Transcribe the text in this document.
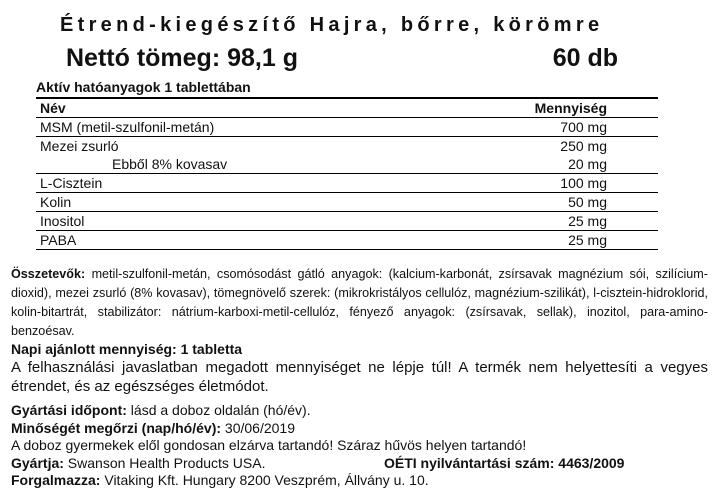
Étrend-kiegészítő Hajra, bőrre, körömre
Nettó tömeg: 98,1 g	60 db
Aktív hatóanyagok 1 tablettában
Név	Mennyiség
MSM (metil-szulfonil-metán)	700 mg
Mezei zsurló	250 mg
Ebből 8% kovasav	20 mg
L-Cisztein	100 mg
Kolin	50 mg
Inositol	25 mg
PABA	25 mg

Összetevők: metil-szulfonil-metán, csomósodást gátló anyagok: (kalcium-karbonát, zsírsavak magnézium sói, szilícium-dioxid), mezei zsurló (8% kovasav), tömegnövelő szerek: (mikrokristályos cellulóz, magnézium-szilikát), l-cisztein-hidroklorid, kolin-bitartrát, stabilizátor: nátrium-karboxi-metil-cellulóz, fényező anyagok: (zsírsavak, sellak), inozitol, para-amino-benzoésav.

Napi ajánlott mennyiség: 1 tabletta

A felhasználási javaslatban megadott mennyiséget ne lépje túl! A termék nem helyettesíti a vegyes étrendet, és az egészséges életmódot.

Gyártási időpont: lásd a doboz oldalán (hó/év).

Minőségét megőrzi (nap/hó/év): 30/06/2019

A doboz gyermekek elől gondosan elzárva tartandó! Száraz hűvös helyen tartandó!

Gyártja: Swanson Health Products USA.	OÉTI nyilvántartási szám: 4463/2009

Forgalmazza: Vitaking Kft. Hungary 8200 Veszprém, Állvány u. 10.
